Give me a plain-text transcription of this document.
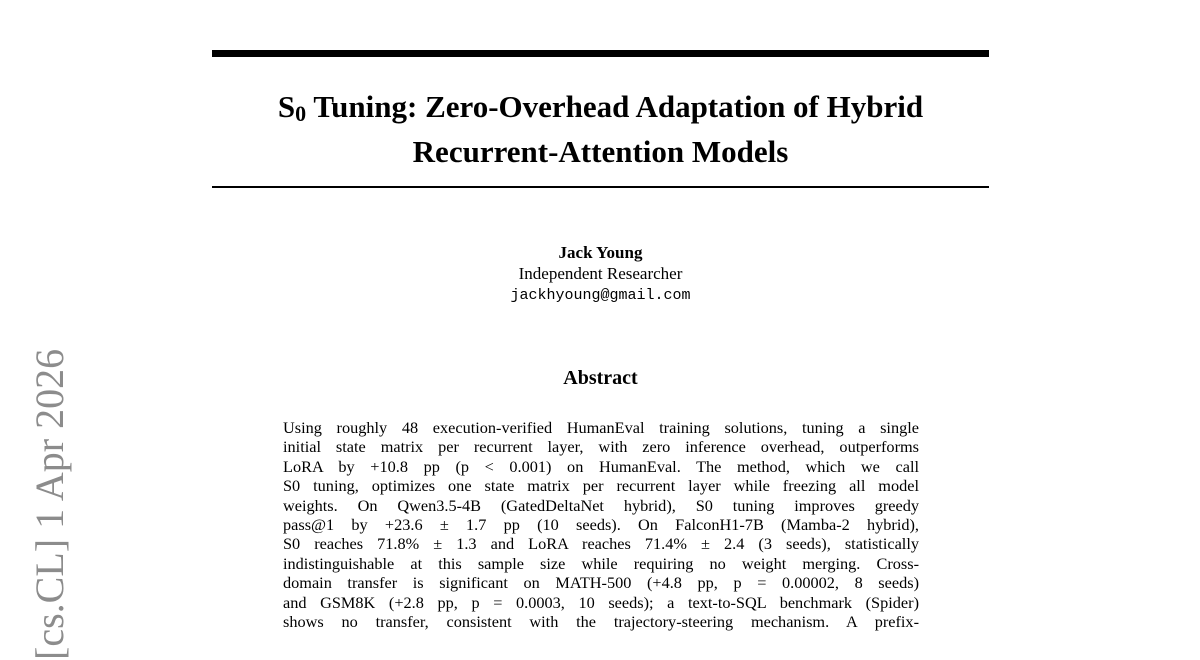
S0 Tuning: Zero-Overhead Adaptation of Hybrid
Recurrent-Attention Models
Jack Young
Independent Researcher
jackhyoung@gmail.com
Abstract
Using roughly 48 execution-verified HumanEval training solutions, tuning a single
initial state matrix per recurrent layer, with zero inference overhead, outperforms
LoRA by +10.8 pp (p < 0.001) on HumanEval. The method, which we call
S0 tuning, optimizes one state matrix per recurrent layer while freezing all model
weights. On Qwen3.5-4B (GatedDeltaNet hybrid), S0 tuning improves greedy
pass@1 by +23.6 ± 1.7 pp (10 seeds). On FalconH1-7B (Mamba-2 hybrid),
S0 reaches 71.8% ± 1.3 and LoRA reaches 71.4% ± 2.4 (3 seeds), statistically
indistinguishable at this sample size while requiring no weight merging. Cross-
domain transfer is significant on MATH-500 (+4.8 pp, p = 0.00002, 8 seeds)
and GSM8K (+2.8 pp, p = 0.0003, 10 seeds); a text-to-SQL benchmark (Spider)
shows no transfer, consistent with the trajectory-steering mechanism. A prefix-
[cs.CL] 1 Apr 2026
